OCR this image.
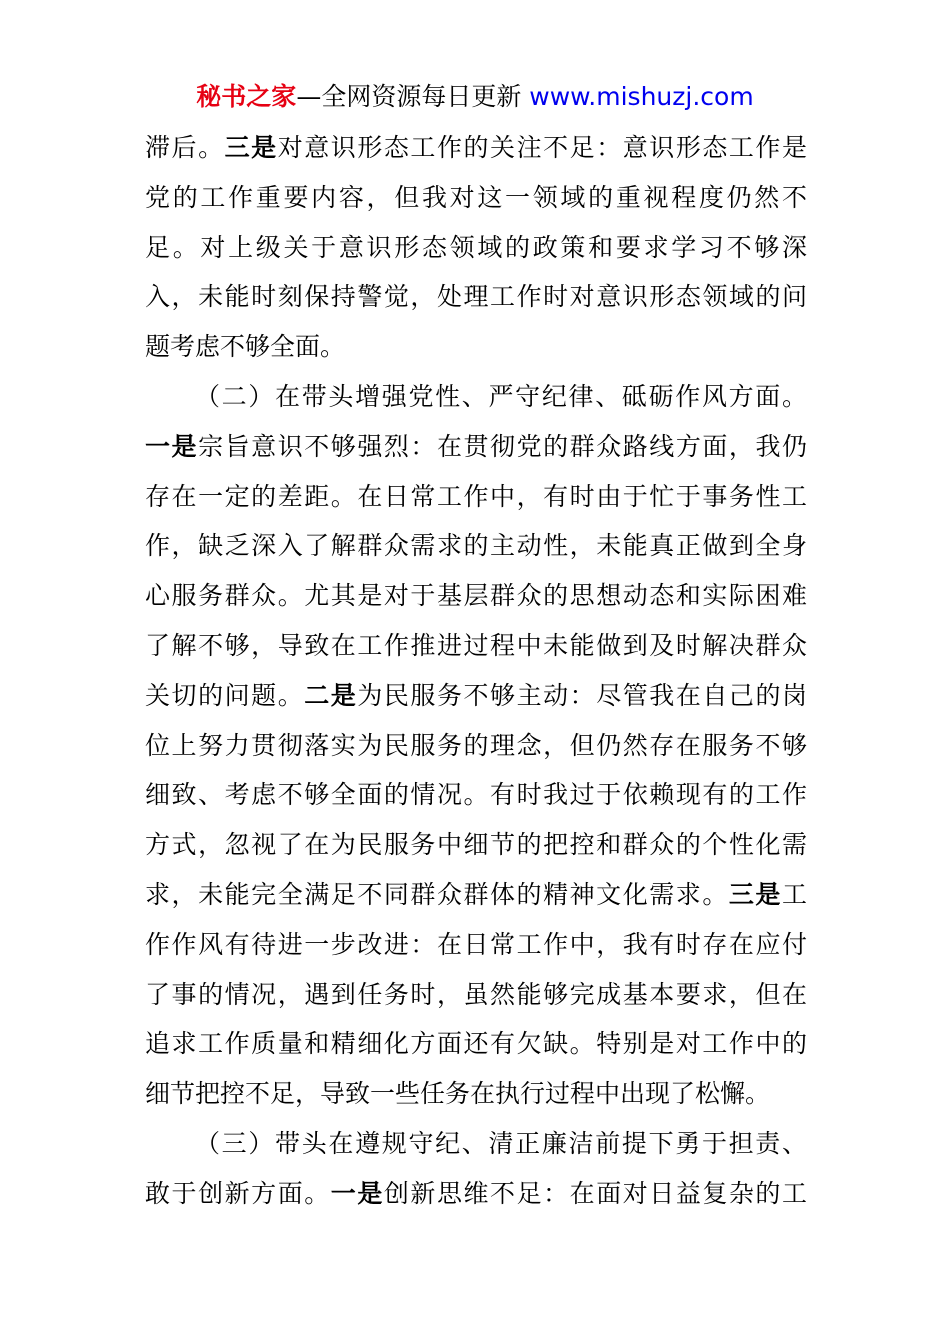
秘书之家—全网资源每日更新 www.mishuzj.com
滞后。三是对意识形态工作的关注不足：意识形态工作是
党的工作重要内容，但我对这一领域的重视程度仍然不
足。对上级关于意识形态领域的政策和要求学习不够深
入，未能时刻保持警觉，处理工作时对意识形态领域的问
题考虑不够全面。
（二）在带头增强党性、严守纪律、砥砺作风方面。
一是宗旨意识不够强烈：在贯彻党的群众路线方面，我仍
存在一定的差距。在日常工作中，有时由于忙于事务性工
作，缺乏深入了解群众需求的主动性，未能真正做到全身
心服务群众。尤其是对于基层群众的思想动态和实际困难
了解不够，导致在工作推进过程中未能做到及时解决群众
关切的问题。二是为民服务不够主动：尽管我在自己的岗
位上努力贯彻落实为民服务的理念，但仍然存在服务不够
细致、考虑不够全面的情况。有时我过于依赖现有的工作
方式，忽视了在为民服务中细节的把控和群众的个性化需
求，未能完全满足不同群众群体的精神文化需求。三是工
作作风有待进一步改进：在日常工作中，我有时存在应付
了事的情况，遇到任务时，虽然能够完成基本要求，但在
追求工作质量和精细化方面还有欠缺。特别是对工作中的
细节把控不足，导致一些任务在执行过程中出现了松懈。
（三）带头在遵规守纪、清正廉洁前提下勇于担责、
敢于创新方面。一是创新思维不足：在面对日益复杂的工
